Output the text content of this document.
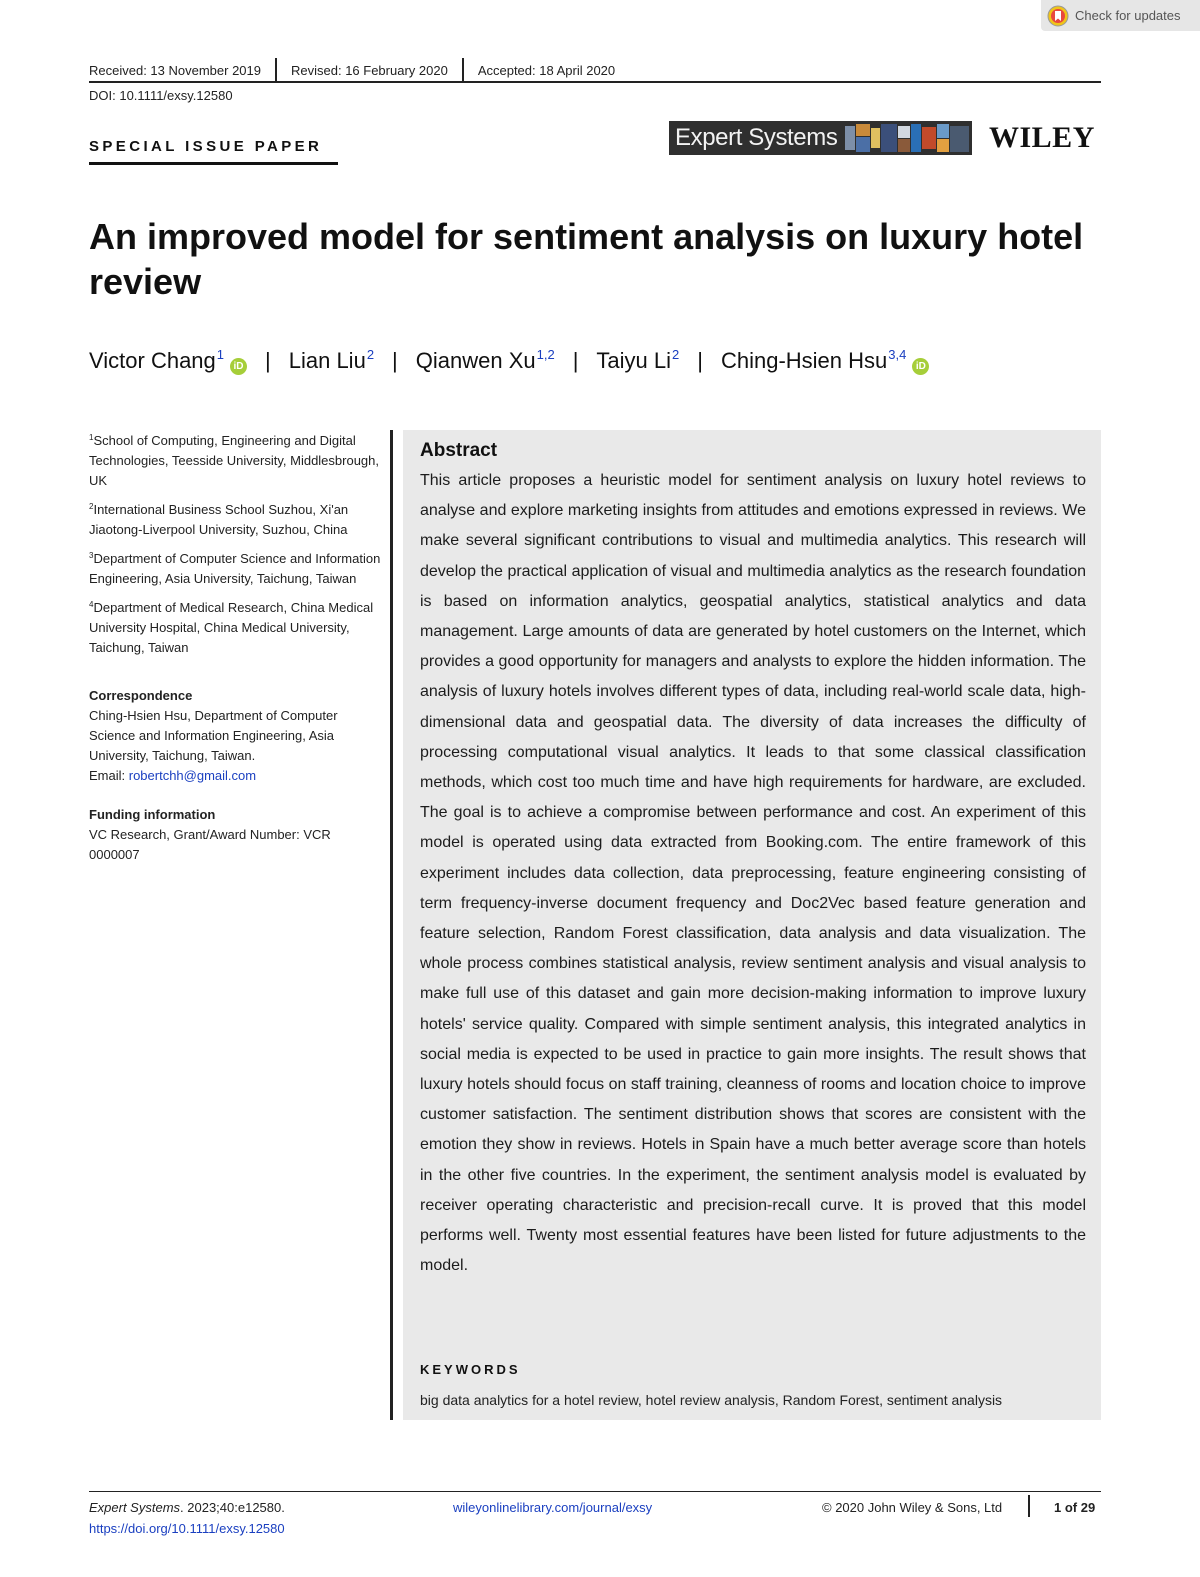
Check for updates
Received: 13 November 2019	Revised: 16 February 2020	Accepted: 18 April 2020
DOI: 10.1111/exsy.12580
SPECIAL ISSUE PAPER	Expert Systems	WILEY
An improved model for sentiment analysis on luxury hotel review
Victor Chang$^1$iD | Lian Liu$^2$ | Qianwen Xu$^{1,2}$ | Taiyu Li$^2$ | Ching-Hsien Hsu$^{3,4}$iD
$^1$School of Computing, Engineering and Digital Technologies, Teesside University, Middlesbrough, UK
$^2$International Business School Suzhou, Xi'an Jiaotong-Liverpool University, Suzhou, China
$^3$Department of Computer Science and Information Engineering, Asia University, Taichung, Taiwan
$^4$Department of Medical Research, China Medical University Hospital, China Medical University, Taichung, Taiwan
Correspondence
Ching-Hsien Hsu, Department of Computer Science and Information Engineering, Asia University, Taichung, Taiwan.
Email: robertchh@gmail.com
Funding information
VC Research, Grant/Award Number: VCR 0000007
Abstract

This article proposes a heuristic model for sentiment analysis on luxury hotel reviews to analyse and explore marketing insights from attitudes and emotions expressed in reviews. We make several significant contributions to visual and multimedia analytics. This research will develop the practical application of visual and multimedia analytics as the research foundation is based on information analytics, geospatial analytics, statistical analytics and data management. Large amounts of data are generated by hotel customers on the Internet, which provides a good opportunity for managers and analysts to explore the hidden information. The analysis of luxury hotels involves different types of data, including real-world scale data, high-dimensional data and geospatial data. The diversity of data increases the difficulty of processing computational visual analytics. It leads to that some classical classification methods, which cost too much time and have high requirements for hardware, are excluded. The goal is to achieve a compromise between performance and cost. An experiment of this model is operated using data extracted from Booking.com. The entire framework of this experiment includes data collection, data preprocessing, feature engineering consisting of term frequency-inverse document frequency and Doc2Vec based feature generation and feature selection, Random Forest classification, data analysis and data visualization. The whole process combines statistical analysis, review sentiment analysis and visual analysis to make full use of this dataset and gain more decision-making information to improve luxury hotels' service quality. Compared with simple sentiment analysis, this integrated analytics in social media is expected to be used in practice to gain more insights. The result shows that luxury hotels should focus on staff training, cleanness of rooms and location choice to improve customer satisfaction. The sentiment distribution shows that scores are consistent with the emotion they show in reviews. Hotels in Spain have a much better average score than hotels in the other five countries. In the experiment, the sentiment analysis model is evaluated by receiver operating characteristic and precision-recall curve. It is proved that this model performs well. Twenty most essential features have been listed for future adjustments to the model.

KEYWORDS
big data analytics for a hotel review, hotel review analysis, Random Forest, sentiment analysis
Expert Systems. 2023;40:e12580.
https://doi.org/10.1111/exsy.12580
wileyonlinelibrary.com/journal/exsy	© 2020 John Wiley & Sons, Ltd	1 of 29
